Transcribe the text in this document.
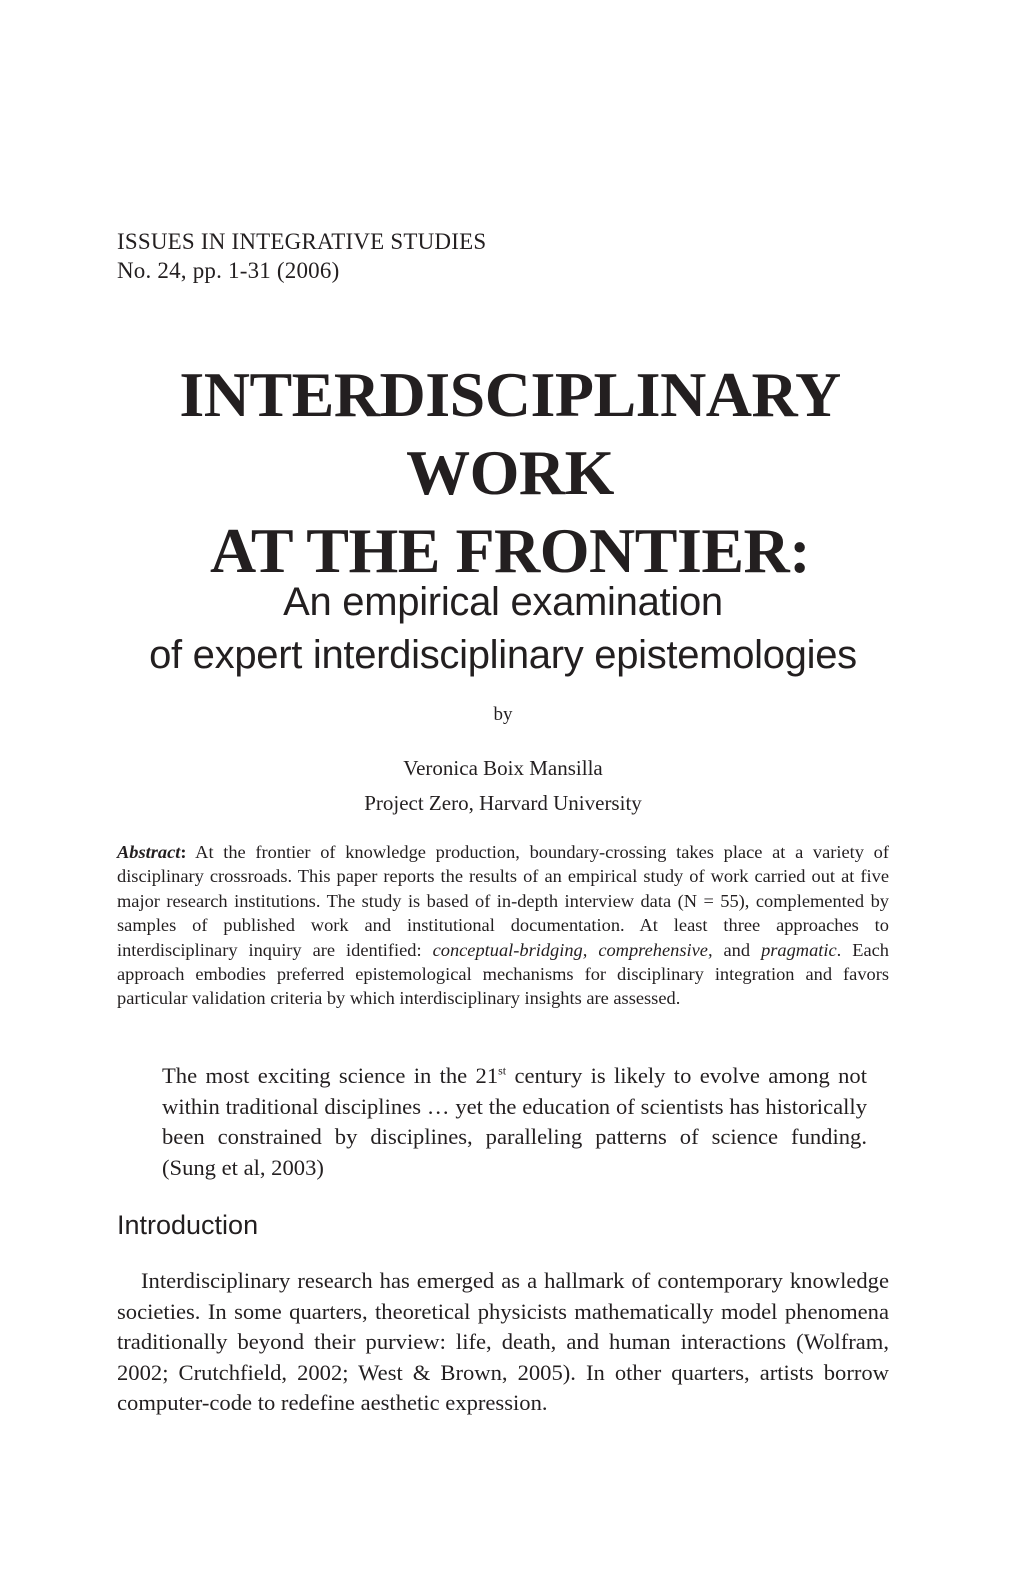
ISSUES IN INTEGRATIVE STUDIES
No. 24, pp. 1-31 (2006)
INTERDISCIPLINARY
WORK
AT THE FRONTIER:
An empirical examination
of expert interdisciplinary epistemologies
by
Veronica Boix Mansilla
Project Zero, Harvard University
Abstract: At the frontier of knowledge production, boundary-crossing takes place at a variety of disciplinary crossroads. This paper reports the results of an empirical study of work carried out at five major research institutions. The study is based of in-depth interview data (N = 55), complemented by samples of published work and institutional documentation. At least three approaches to interdisciplinary inquiry are identified: conceptual-bridging, comprehensive, and pragmatic. Each approach embodies preferred epistemological mechanisms for disciplinary integration and favors particular validation criteria by which interdisciplinary insights are assessed.
The most exciting science in the 21st century is likely to evolve among not within traditional disciplines … yet the education of scientists has historically been constrained by disciplines, paralleling patterns of science funding. (Sung et al, 2003)
Introduction
Interdisciplinary research has emerged as a hallmark of contemporary knowledge societies. In some quarters, theoretical physicists mathematically model phenomena traditionally beyond their purview: life, death, and human interactions (Wolfram, 2002; Crutchfield, 2002; West & Brown, 2005). In other quarters, artists borrow computer-code to redefine aesthetic expression.
